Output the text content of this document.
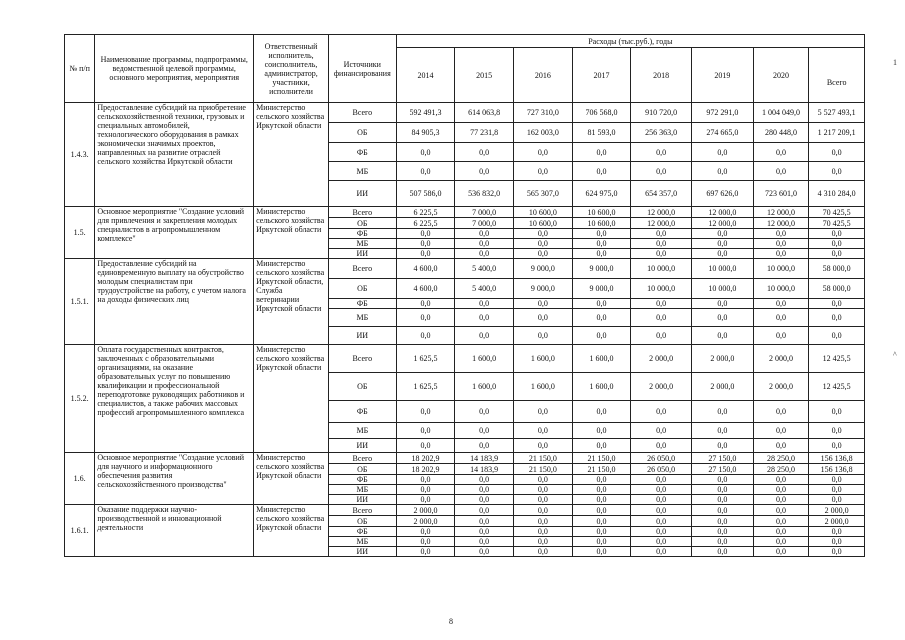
№ п/п	Наименование программы, подпрограммы, ведомственной целевой программы, основного мероприятия, мероприятия	Ответственный исполнитель, соисполнитель, администратор, участники, исполнители	Источники финансирования	Расходы (тыс.руб.), годы							
				2014	2015	2016	2017	2018	2019	2020	Всего
1.4.3.	Предоставление субсидий на приобретение сельскохозяйственной техники, грузовых и специальных автомобилей, технологического оборудования в рамках экономически значимых проектов, направленных на развитие отраслей сельского хозяйства Иркутской области	Министерство сельского хозяйства Иркутской области	Всего	592 491,3	614 063,8	727 310,0	706 568,0	910 720,0	972 291,0	1 004 049,0	5 527 493,1
			ОБ	84 905,3	77 231,8	162 003,0	81 593,0	256 363,0	274 665,0	280 448,0	1 217 209,1
			ФБ	0,0	0,0	0,0	0,0	0,0	0,0	0,0	0,0
			МБ	0,0	0,0	0,0	0,0	0,0	0,0	0,0	0,0
			ИИ	507 586,0	536 832,0	565 307,0	624 975,0	654 357,0	697 626,0	723 601,0	4 310 284,0
1.5.	Основное мероприятие "Создание условий для привлечения и закрепления молодых специалистов в агропромышленном комплексе"	Министерство сельского хозяйства Иркутской области	Всего	6 225,5	7 000,0	10 600,0	10 600,0	12 000,0	12 000,0	12 000,0	70 425,5
			ОБ	6 225,5	7 000,0	10 600,0	10 600,0	12 000,0	12 000,0	12 000,0	70 425,5
			ФБ	0,0	0,0	0,0	0,0	0,0	0,0	0,0	0,0
			МБ	0,0	0,0	0,0	0,0	0,0	0,0	0,0	0,0
			ИИ	0,0	0,0	0,0	0,0	0,0	0,0	0,0	0,0
1.5.1.	Предоставление субсидий на единовременную выплату на обустройство молодым специалистам при трудоустройстве на работу, с учетом налога на доходы физических лиц	Министерство сельского хозяйства Иркутской области, Служба ветеринарии Иркутской области	Всего	4 600,0	5 400,0	9 000,0	9 000,0	10 000,0	10 000,0	10 000,0	58 000,0
			ОБ	4 600,0	5 400,0	9 000,0	9 000,0	10 000,0	10 000,0	10 000,0	58 000,0
			ФБ	0,0	0,0	0,0	0,0	0,0	0,0	0,0	0,0
			МБ	0,0	0,0	0,0	0,0	0,0	0,0	0,0	0,0
			ИИ	0,0	0,0	0,0	0,0	0,0	0,0	0,0	0,0
1.5.2.	Оплата государственных контрактов, заключенных с образовательными организациями, на оказание образовательных услуг по повышению квалификации и профессиональной переподготовке руководящих работников и специалистов, а также рабочих массовых профессий агропромышленного комплекса	Министерство сельского хозяйства Иркутской области	Всего	1 625,5	1 600,0	1 600,0	1 600,0	2 000,0	2 000,0	2 000,0	12 425,5
			ОБ	1 625,5	1 600,0	1 600,0	1 600,0	2 000,0	2 000,0	2 000,0	12 425,5
			ФБ	0,0	0,0	0,0	0,0	0,0	0,0	0,0	0,0
			МБ	0,0	0,0	0,0	0,0	0,0	0,0	0,0	0,0
			ИИ	0,0	0,0	0,0	0,0	0,0	0,0	0,0	0,0
1.6.	Основное мероприятие "Создание условий для научного и информационного обеспечения развития сельскохозяйственного производства"	Министерство сельского хозяйства Иркутской области	Всего	18 202,9	14 183,9	21 150,0	21 150,0	26 050,0	27 150,0	28 250,0	156 136,8
			ОБ	18 202,9	14 183,9	21 150,0	21 150,0	26 050,0	27 150,0	28 250,0	156 136,8
			ФБ	0,0	0,0	0,0	0,0	0,0	0,0	0,0	0,0
			МБ	0,0	0,0	0,0	0,0	0,0	0,0	0,0	0,0
			ИИ	0,0	0,0	0,0	0,0	0,0	0,0	0,0	0,0
1.6.1.	Оказание поддержки научно-производственной и инновационной деятельности	Министерство сельского хозяйства Иркутской области	Всего	2 000,0	0,0	0,0	0,0	0,0	0,0	0,0	2 000,0
			ОБ	2 000,0	0,0	0,0	0,0	0,0	0,0	0,0	2 000,0
			ФБ	0,0	0,0	0,0	0,0	0,0	0,0	0,0	0,0
			МБ	0,0	0,0	0,0	0,0	0,0	0,0	0,0	0,0
			ИИ	0,0	0,0	0,0	0,0	0,0	0,0	0,0	0,0
8
1
^
